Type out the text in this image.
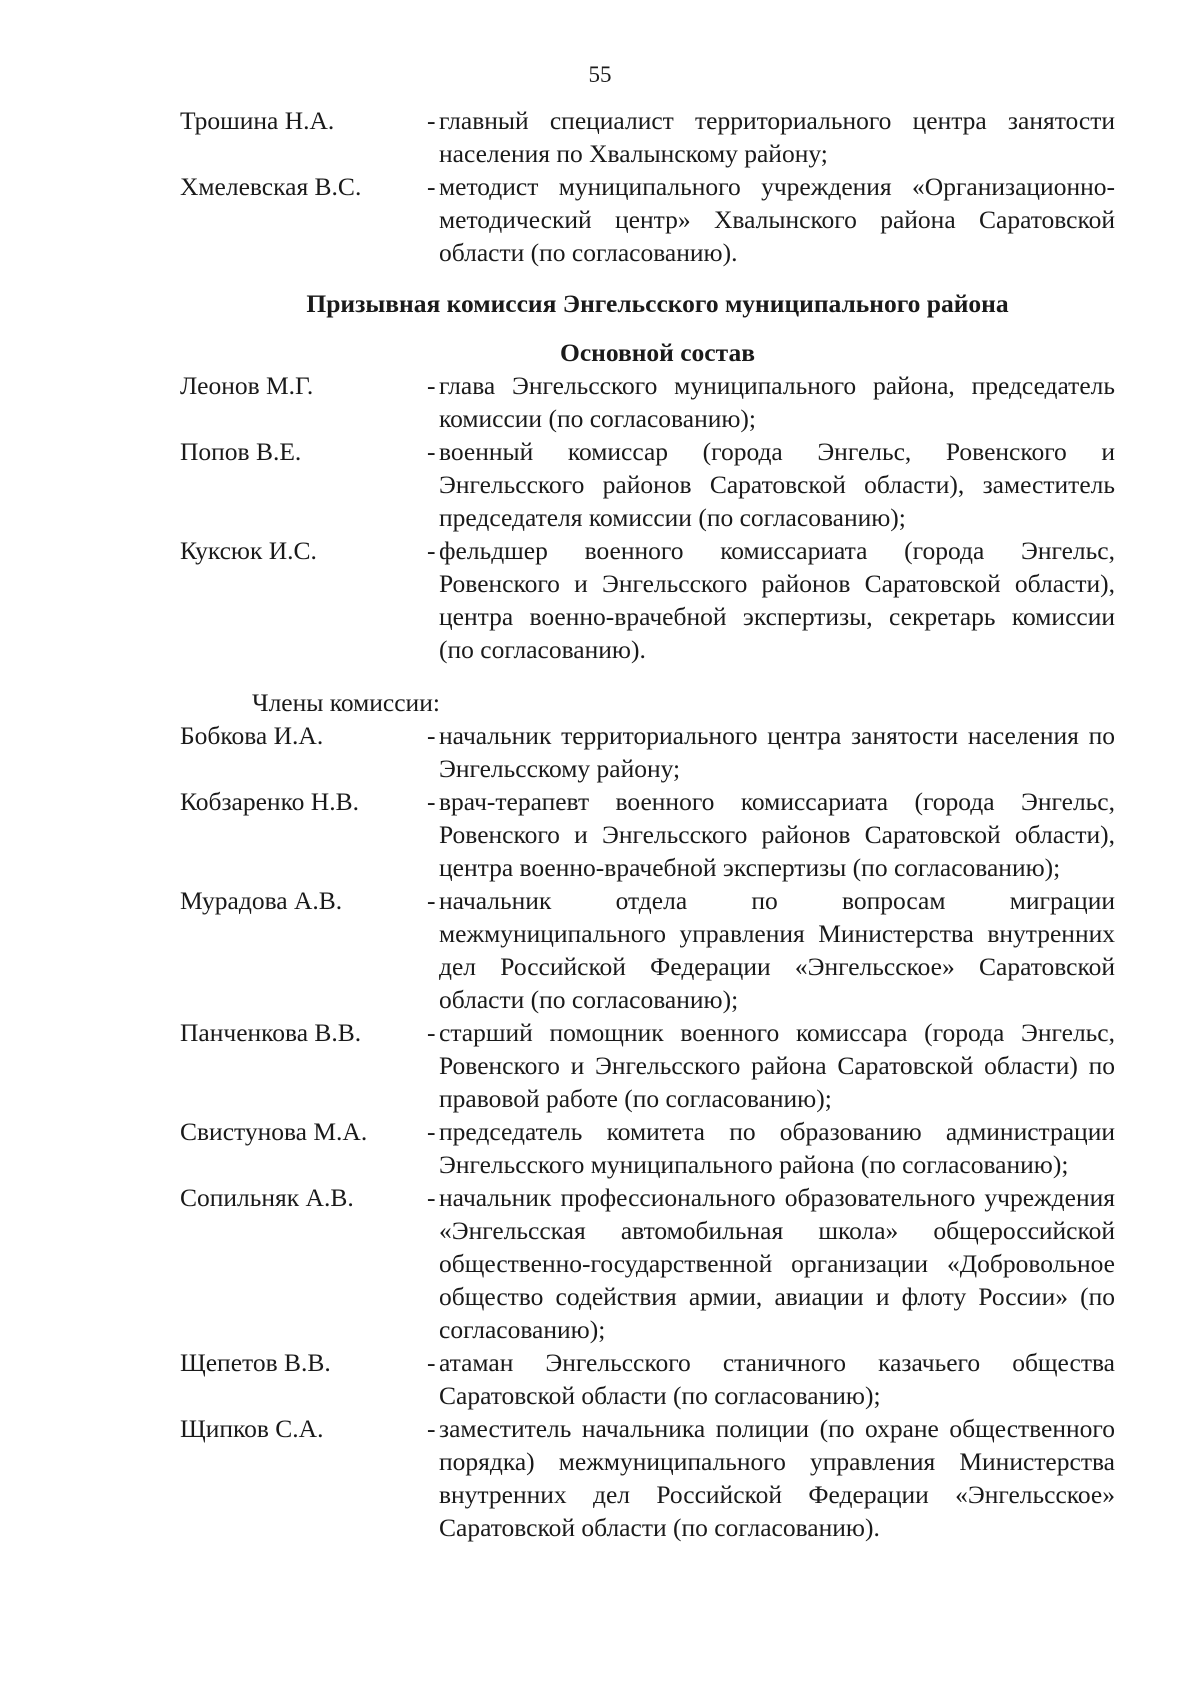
55
Трошина Н.А.	- главный специалист территориального центра занятости населения по Хвалынскому району;
Хмелевская В.С.	- методист муниципального учреждения «Организационно-методический центр» Хвалынского района Саратовской области (по согласованию).
Призывная комиссия Энгельсского муниципального района
Основной состав
Леонов М.Г.	- глава Энгельсского муниципального района, председатель комиссии (по согласованию);
Попов В.Е.	- военный комиссар (города Энгельс, Ровенского и Энгельсского районов Саратовской области), заместитель председателя комиссии (по согласованию);
Куксюк И.С.	- фельдшер военного комиссариата (города Энгельс, Ровенского и Энгельсского районов Саратовской области), центра военно-врачебной экспертизы, секретарь комиссии (по согласованию).
Члены комиссии:
Бобкова И.А.	- начальник территориального центра занятости населения по Энгельсскому району;
Кобзаренко Н.В.	- врач-терапевт военного комиссариата (города Энгельс, Ровенского и Энгельсского районов Саратовской области), центра военно-врачебной экспертизы (по согласованию);
Мурадова А.В.	- начальник отдела по вопросам миграции межмуниципального управления Министерства внутренних дел Российской Федерации «Энгельсское» Саратовской области (по согласованию);
Панченкова В.В.	- старший помощник военного комиссара (города Энгельс, Ровенского и Энгельсского района Саратовской области) по правовой работе (по согласованию);
Свистунова М.А.	- председатель комитета по образованию администрации Энгельсского муниципального района (по согласованию);
Сопильняк А.В.	- начальник профессионального образовательного учреждения «Энгельсская автомобильная школа» общероссийской общественно-государственной организации «Добровольное общество содействия армии, авиации и флоту России» (по согласованию);
Щепетов В.В.	- атаман Энгельсского станичного казачьего общества Саратовской области (по согласованию);
Щипков С.А.	- заместитель начальника полиции (по охране общественного порядка) межмуниципального управления Министерства внутренних дел Российской Федерации «Энгельсское» Саратовской области (по согласованию).
